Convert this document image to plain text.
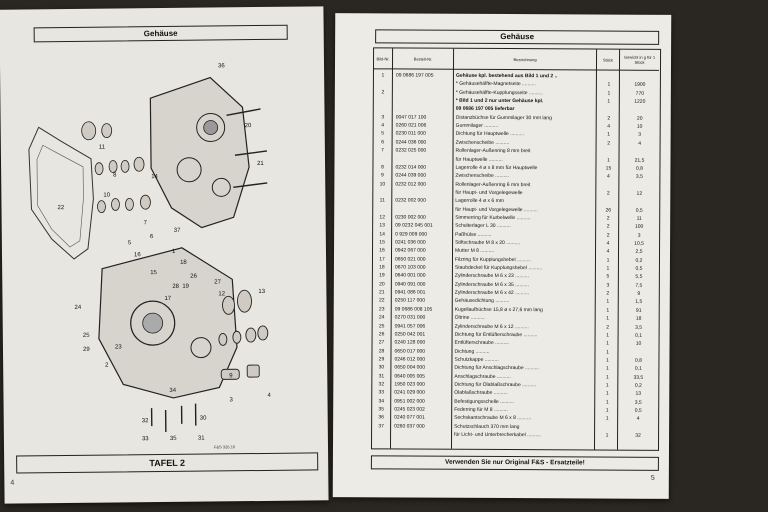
Gehäuse
1
2
3
4
5
6
7
8
9
10
11
12	13
14
15
16
17
18
19
20
21
22
23
24
25
26
27
28
29
30
31
32
33
34
35
36
37
F&S 326.10
TAFEL 2
4
Gehäuse
Bild-Nr.	Bestell-Nr.	Bezeichnung	Stück	Gewicht in g für 1 Stück
1	09 0686 197 005	Gehäuse kpl. bestehend aus Bild 1 und 2 ..
* Gehäusehälfte-Magnetseite ..........	1	1900
2	* Gehäusehälfte-Kupplungsseite ..........	1	770
* Bild 1 und 2 nur unter Gehäuse kpl.	1	1220
09 0686 197 005 lieferbar
3	0047 017 100	Distanzbüchse für Gummilager 30 mm lang	2	20
4	0260 021 006	Gummilager ..........	4	10
5	0230 011 000	Dichtung für Hauptwelle ..........	1	3
6	0244 036 000	Zwischenscheibe ..........	2	4
7	0232 025 000	Rollenlager-Außenring 8 mm breit
für Hauptwelle ..........	1	21,5
8	0232 014 000	Lagerrolle 4 ø x 8 mm für Hauptwelle	15	0,8
9	0244 039 000	Zwischenscheibe ..........	4	3,5
10	0232 012 000	Rollenlager-Außenring 6 mm breit
für Haupt- und Vorgelegewelle	2	12
11	0232 002 000	Lagerrolle 4 ø x 6 mm
für Haupt- und Vorgelegewelle ..........	26	0,5
12	0230 002 000	Simmerring für Kurbelwelle ..........	2	11
13	09 0232 045 001	Schulterlager L 30 ..........	2	100
14	0 929 009 000	Paßhülse ..........	2	3
15	0241 036 000	Stiftschraube M 8 x 20 ..........	4	10,5
16	0942 067 000	Mutter M 8 ..........	4	2,5
17	0650 021 000	Filzring für Kupplungshebel ..........	1	0,2
18	0670 103 000	Staubdeckel für Kupplungshebel ..........	1	0,5
19	0640 001 000	Zylinderschraube M 6 x 23 ..........	5	5,5
20	0940 091 000	Zylinderschraube M 6 x 35 ..........	3	7,5
21	0941 086 001	Zylinderschraube M 6 x 42 ..........	2	9
22	0250 117 000	Gehäusedichtung ..........	1	1,5
23	09 0686 008 105	Kugellaufbüchse 15,8 ø x 27,6 mm lang	1	91
24	0270 031 000	Öltrine ..........	1	18
25	0941 057 006	Zylinderschraube M 6 x 12 ..........	2	3,5
26	0250 042 001	Dichtung für Entlüfterschraube ..........	1	0,1
27	0240 128 000	Entlüfterschraube ..........	1	10
28	0650 017 000	Dichtung ..........	1
29	0246 012 000	Schutzkappe ..........	1	0,8
30	0650 004 000	Dichtung für Anschlagschraube ..........	1	0,1
31	0640 005 005	Anschlagschraube ..........	1	33,5
32	1950 023 000	Dichtung für Ölablaßschraube ..........	1	0,2
33	0241 029 000	Ölablaßschraube ..........	1	13
34	0951 002 000	Befestigungsschelle ..........	1	3,5
35	0245 023 002	Federring für M 8 ..........	1	0,5
36	0240 077 001	Sechskantschraube M 6 x 8 ..........	1	4
37	0260 037 000	Schutzschlauch 370 mm lang
für Licht- und Unterbrecherkabel ..........	1	32
Verwenden Sie nur Original F&S - Ersatzteile!
5
